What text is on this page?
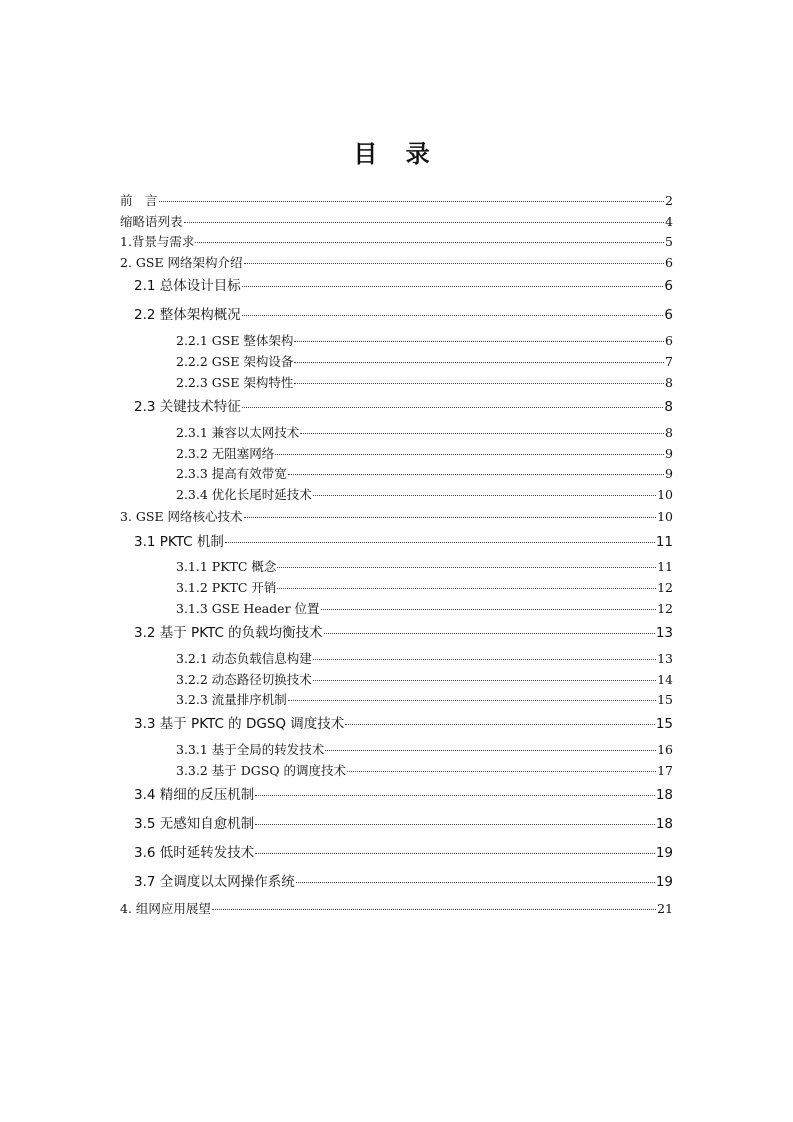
目 录
前　言	2
缩略语列表	4
1.背景与需求	5
2. GSE 网络架构介绍	6
2.1 总体设计目标	6
2.2 整体架构概况	6
2.2.1 GSE 整体架构	6
2.2.2 GSE 架构设备	7
2.2.3 GSE 架构特性	8
2.3 关键技术特征	8
2.3.1 兼容以太网技术	8
2.3.2 无阻塞网络	9
2.3.3 提高有效带宽	9
2.3.4 优化长尾时延技术	10
3. GSE 网络核心技术	10
3.1 PKTC 机制	11
3.1.1 PKTC 概念	11
3.1.2 PKTC 开销	12
3.1.3 GSE Header 位置	12
3.2 基于 PKTC 的负载均衡技术	13
3.2.1 动态负载信息构建	13
3.2.2 动态路径切换技术	14
3.2.3 流量排序机制	15
3.3 基于 PKTC 的 DGSQ 调度技术	15
3.3.1 基于全局的转发技术	16
3.3.2 基于 DGSQ 的调度技术	17
3.4 精细的反压机制	18
3.5 无感知自愈机制	18
3.6 低时延转发技术	19
3.7 全调度以太网操作系统	19
4. 组网应用展望	21
